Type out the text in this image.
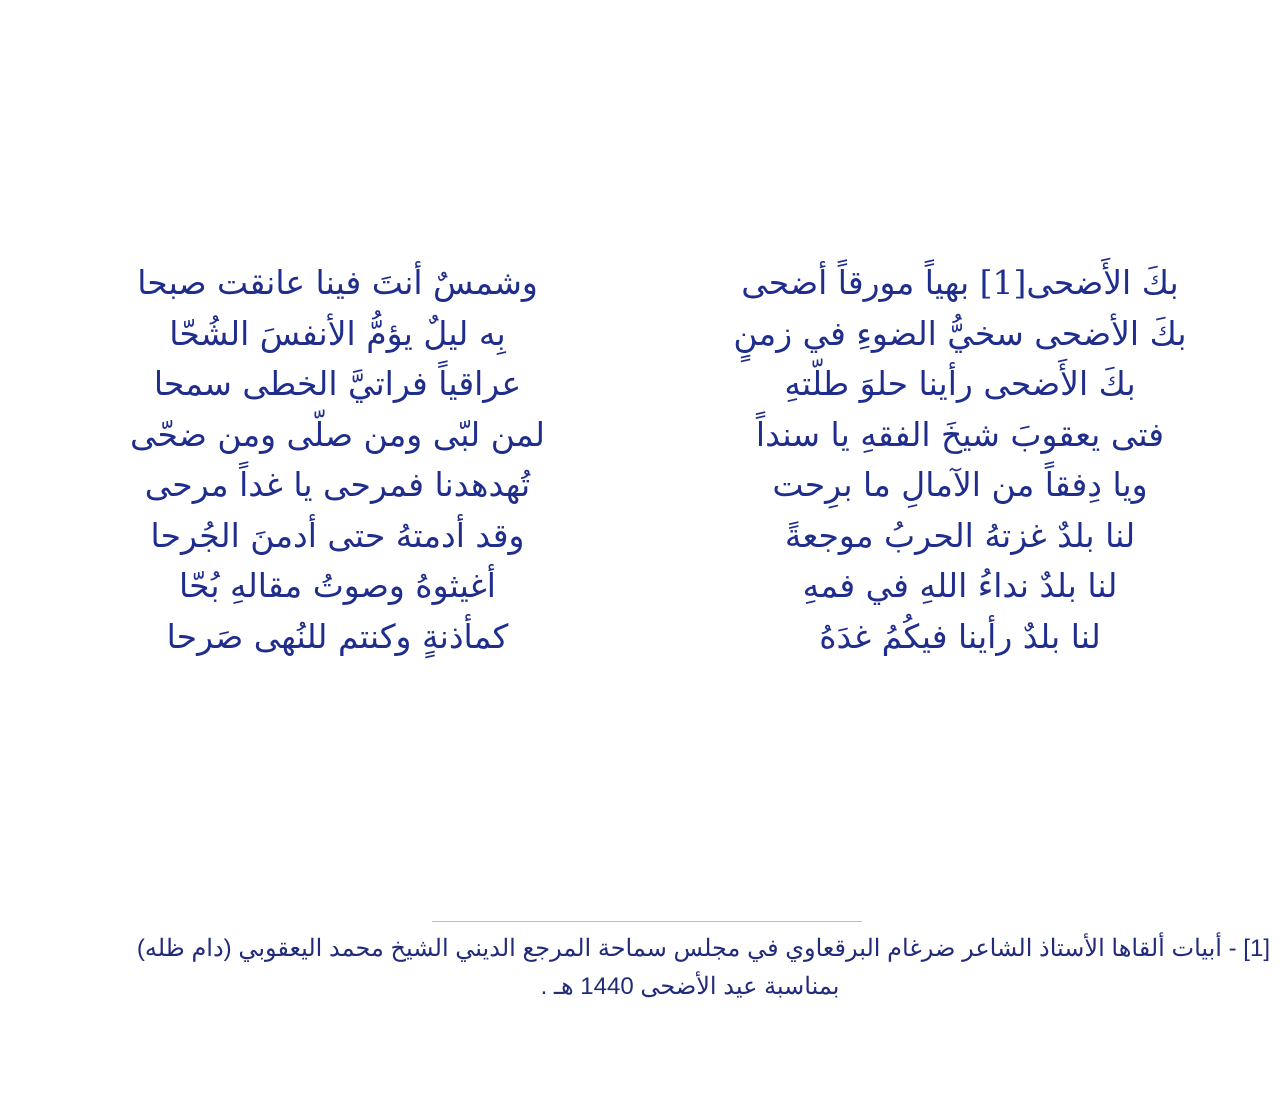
بكَ الأَضحى[1] بهياً مورقاً أضحى
بكَ الأضحى سخيُّ الضوءِ في زمنٍ
بكَ الأَضحى رأينا حلوَ طلّتهِ
فتى يعقوبَ شيخَ الفقهِ يا سنداً
ويا دِفقاً من الآمالِ ما برِحت
لنا بلدٌ غزتهُ الحربُ موجعةً
لنا بلدٌ نداءُ اللهِ في فمهِ
لنا بلدٌ رأينا فيكُمُ غدَهُ
وشمسٌ أنتَ فينا عانقت صبحا
بِه ليلٌ يؤمُّ الأنفسَ الشُحّا
عراقياً فراتيَّ الخطى سمحا
لمن لبّى ومن صلّى ومن ضحّى
تُهدهدنا فمرحى يا غداً مرحى
وقد أدمتهُ حتى أدمنَ الجُرحا
أغيثوهُ وصوتُ مقالهِ بُحّا
كمأذنةٍ وكنتم للنُهى صَرحا
[1] - أبيات ألقاها الأستاذ الشاعر ضرغام البرقعاوي في مجلس سماحة المرجع الديني الشيخ محمد اليعقوبي (دام ظله)
بمناسبة عيد الأضحى 1440 هـ .
